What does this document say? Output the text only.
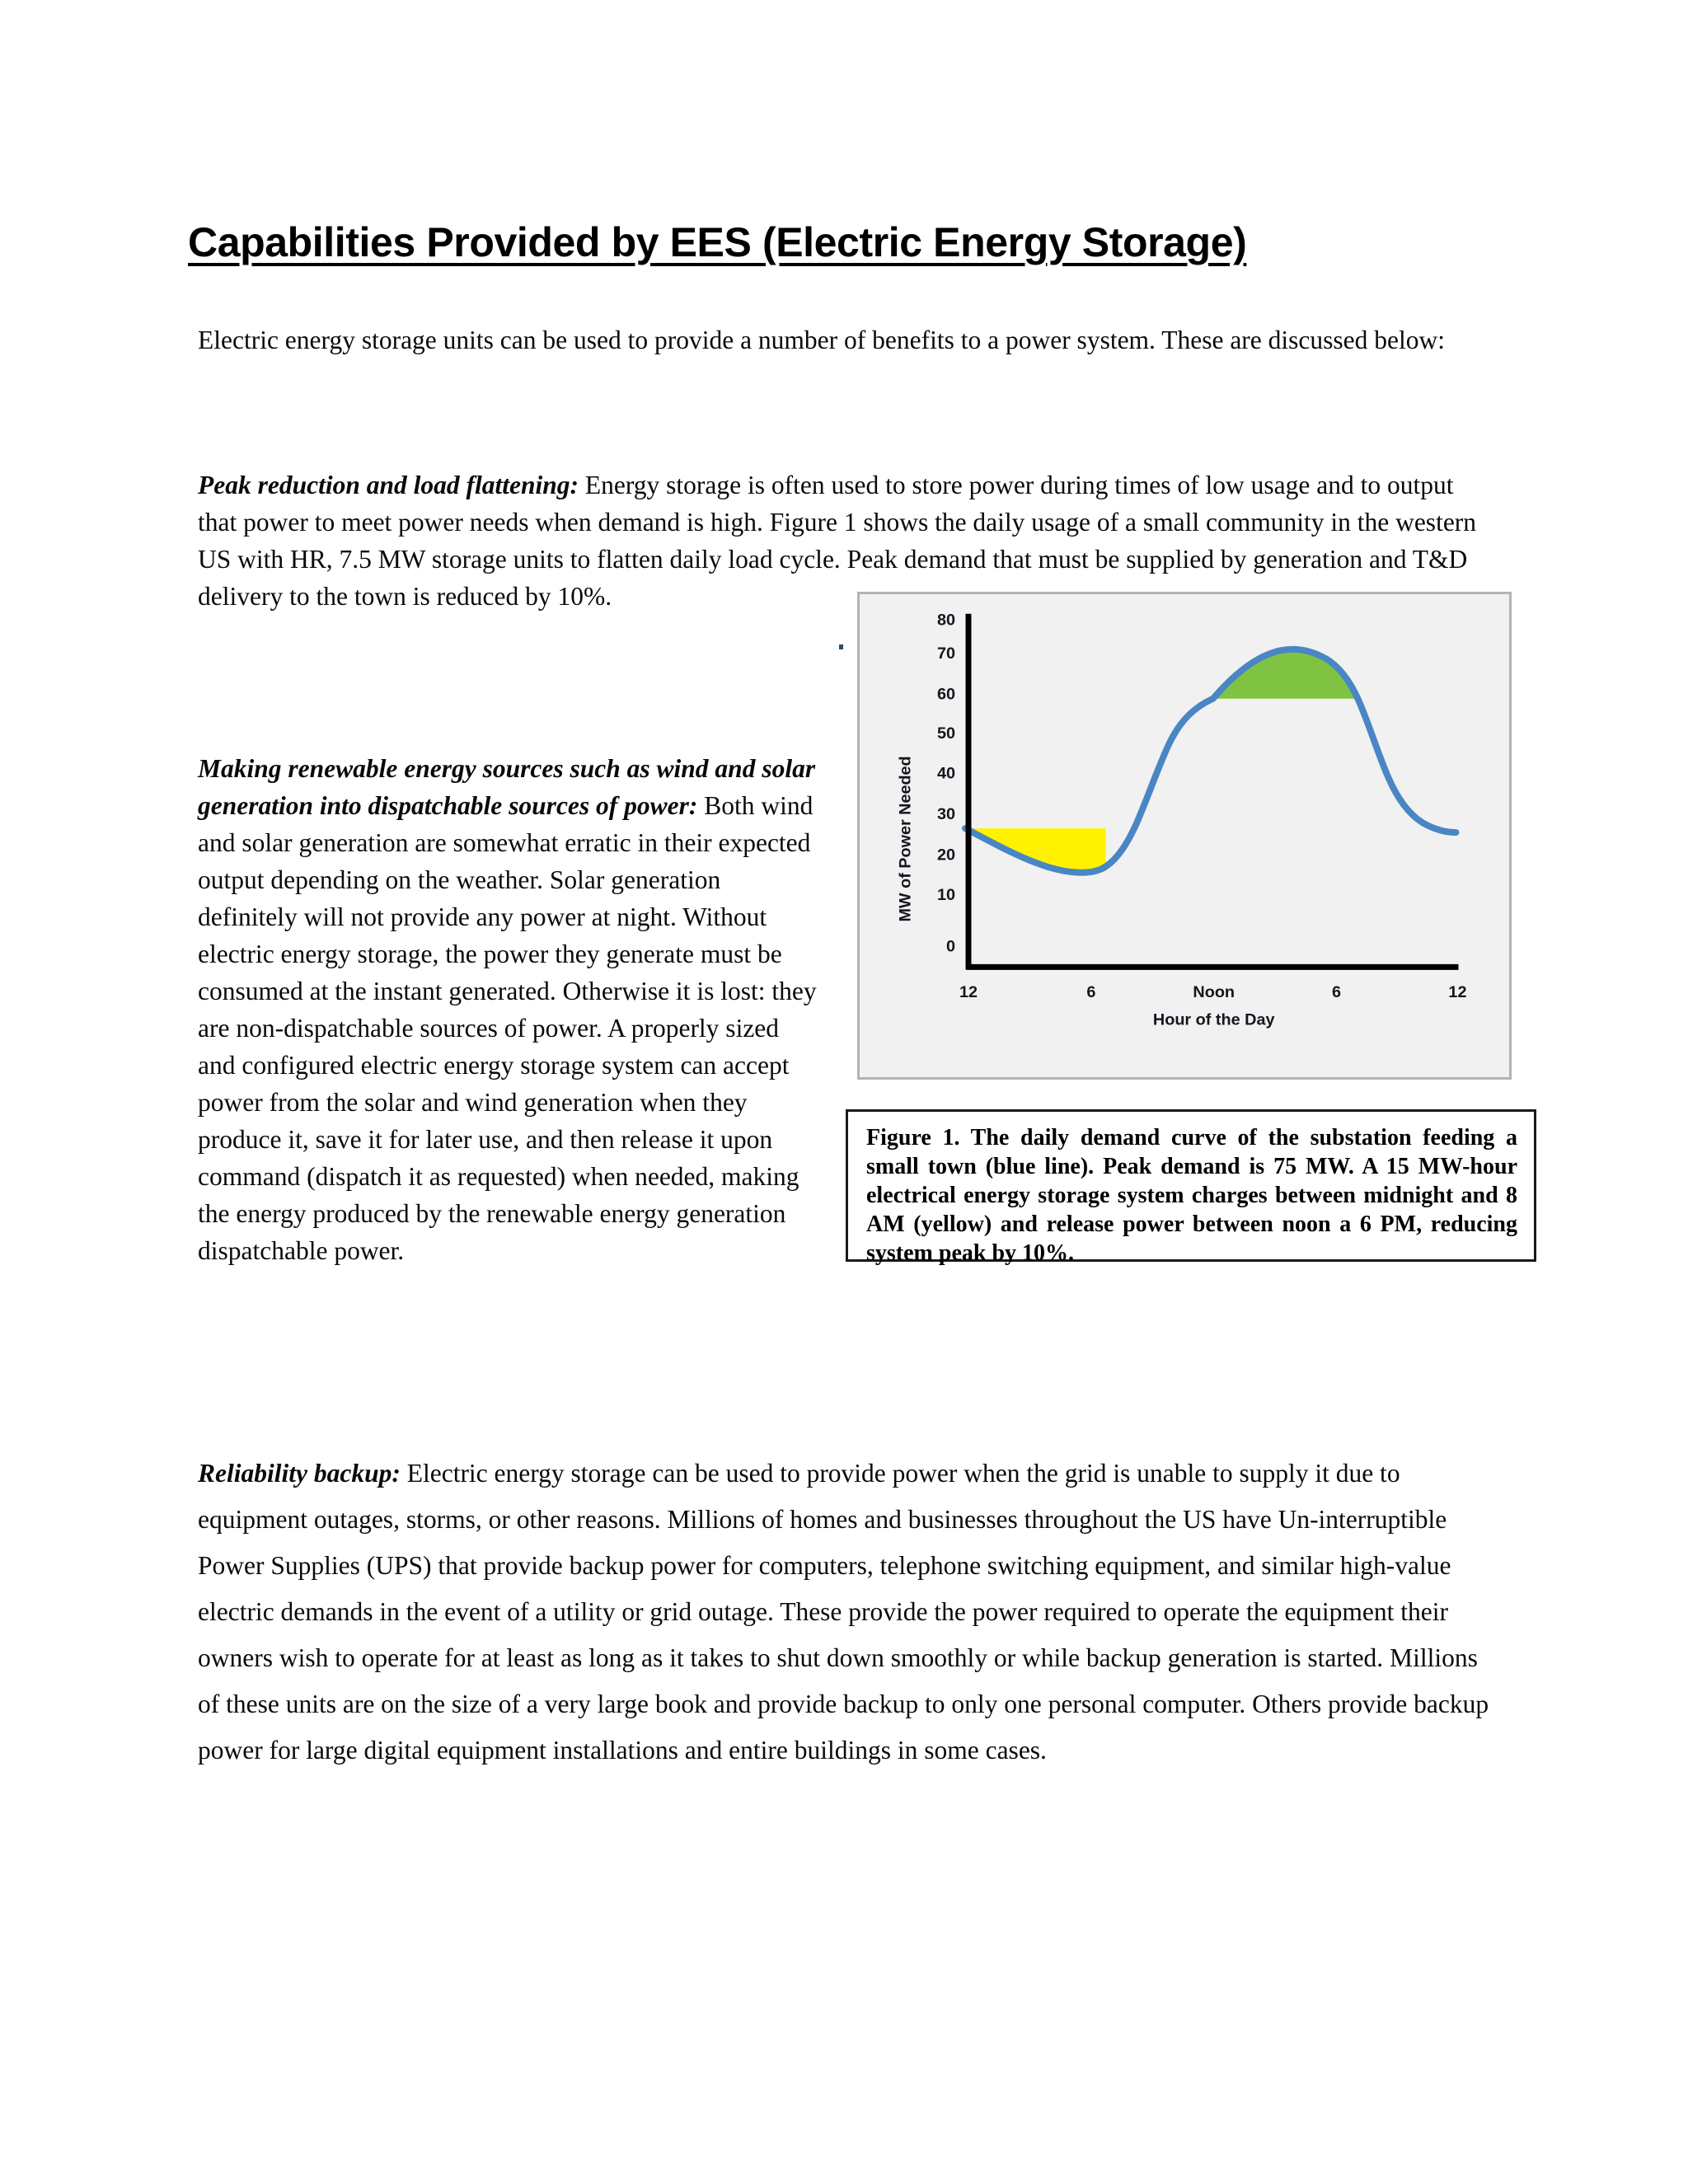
Capabilities Provided by EES (Electric Energy Storage)

Electric energy storage units can be used to provide a number of benefits to a power system. These are discussed below:

Peak reduction and load flattening: Energy storage is often used to store power during times of low usage and to output that power to meet power needs when demand is high. Figure 1 shows the daily usage of a small community in the western US with HR, 7.5 MW storage units to flatten daily load cycle. Peak demand that must be supplied by generation and T&D delivery to the town is reduced by 10%.

Making renewable energy sources such as wind and solar generation into dispatchable sources of power: Both wind and solar generation are somewhat erratic in their expected output depending on the weather. Solar generation definitely will not provide any power at night. Without electric energy storage, the power they generate must be consumed at the instant generated. Otherwise it is lost: they are non-dispatchable sources of power. A properly sized and configured electric energy storage system can accept power from the solar and wind generation when they produce it, save it for later use, and then release it upon command (dispatch it as requested) when needed, making the energy produced by the renewable energy generation dispatchable power.

Reliability backup: Electric energy storage can be used to provide power when the grid is unable to supply it due to equipment outages, storms, or other reasons. Millions of homes and businesses throughout the US have Un-interruptible Power Supplies (UPS) that provide backup power for computers, telephone switching equipment, and similar high-value electric demands in the event of a utility or grid outage. These provide the power required to operate the equipment their owners wish to operate for at least as long as it takes to shut down smoothly or while backup generation is started. Millions of these units are on the size of a very large book and provide backup to only one personal computer. Others provide backup power for large digital equipment installations and entire buildings in some cases.

80
70
60
50
40
30
20
10
0
MW of Power Needed
12	6	Noon	6	12
Hour of the Day
Figure 1. The daily demand curve of the substation feeding a small town (blue line). Peak demand is 75 MW. A 15 MW-hour electrical energy storage system charges between midnight and 8 AM (yellow) and release power between noon a 6 PM, reducing system peak by 10%.
